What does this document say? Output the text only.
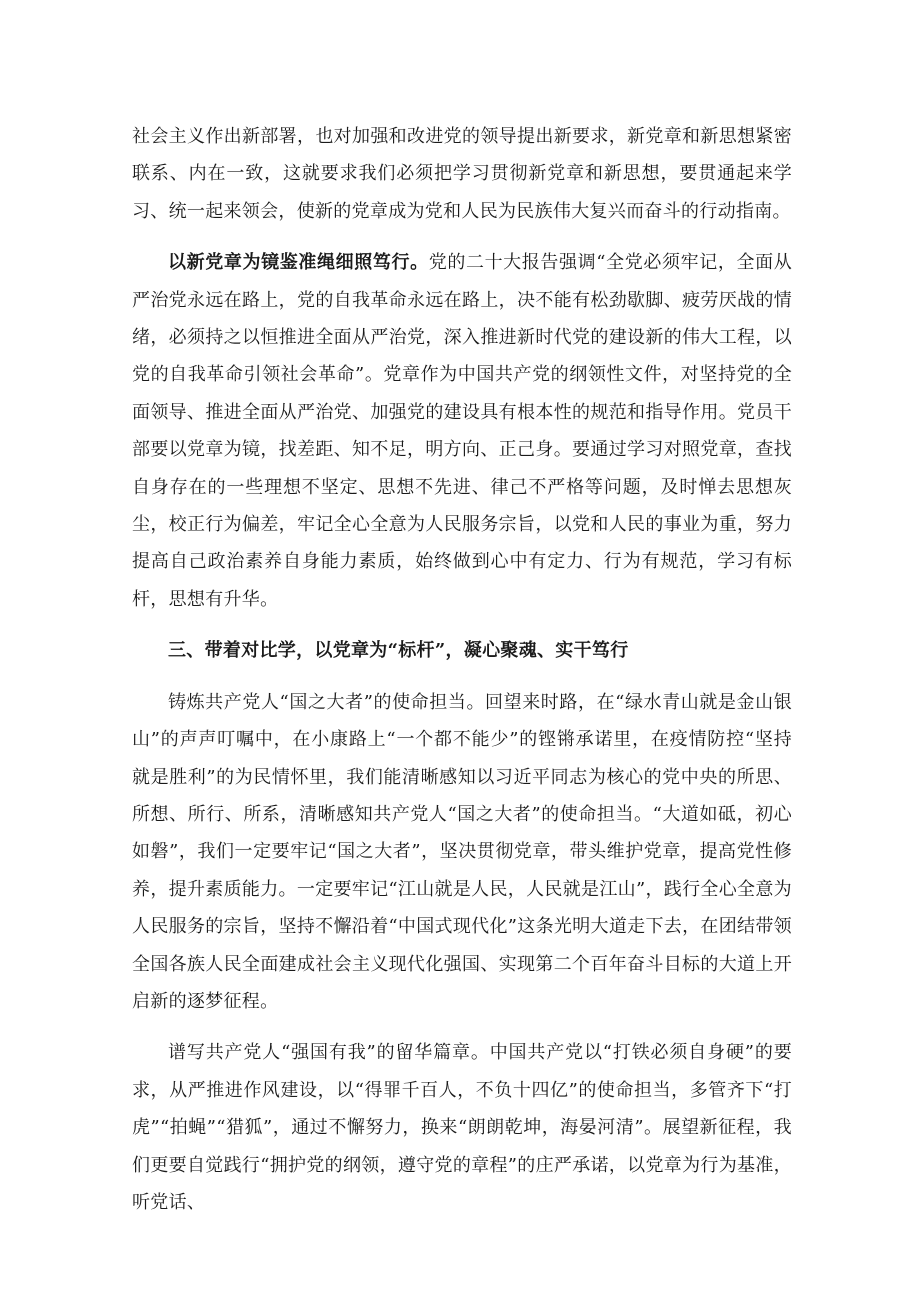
社会主义作出新部署，也对加强和改进党的领导提出新要求，新党章和新思想紧密联系、内在一致，这就要求我们必须把学习贯彻新党章和新思想，要贯通起来学习、统一起来领会，使新的党章成为党和人民为民族伟大复兴而奋斗的行动指南。

以新党章为镜鉴准绳细照笃行。党的二十大报告强调“全党必须牢记，全面从严治党永远在路上，党的自我革命永远在路上，决不能有松劲歇脚、疲劳厌战的情绪，必须持之以恒推进全面从严治党，深入推进新时代党的建设新的伟大工程，以党的自我革命引领社会革命”。党章作为中国共产党的纲领性文件，对坚持党的全面领导、推进全面从严治党、加强党的建设具有根本性的规范和指导作用。党员干部要以党章为镜，找差距、知不足，明方向、正己身。要通过学习对照党章，查找自身存在的一些理想不坚定、思想不先进、律己不严格等问题，及时惮去思想灰尘，校正行为偏差，牢记全心全意为人民服务宗旨，以党和人民的事业为重，努力提高自己政治素养自身能力素质，始终做到心中有定力、行为有规范，学习有标杆，思想有升华。

三、带着对比学，以党章为“标杆”，凝心聚魂、实干笃行

铸炼共产党人“国之大者”的使命担当。回望来时路，在“绿水青山就是金山银山”的声声叮嘱中，在小康路上“一个都不能少”的铿锵承诺里，在疫情防控“坚持就是胜利”的为民情怀里，我们能清晰感知以习近平同志为核心的党中央的所思、所想、所行、所系，清晰感知共产党人“国之大者”的使命担当。“大道如砥，初心如磐”，我们一定要牢记“国之大者”，坚决贯彻党章，带头维护党章，提高党性修养，提升素质能力。一定要牢记“江山就是人民，人民就是江山”，践行全心全意为人民服务的宗旨，坚持不懈沿着“中国式现代化”这条光明大道走下去，在团结带领全国各族人民全面建成社会主义现代化强国、实现第二个百年奋斗目标的大道上开启新的逐梦征程。

谱写共产党人“强国有我”的留华篇章。中国共产党以“打铁必须自身硬”的要求，从严推进作风建设，以“得罪千百人，不负十四亿”的使命担当，多管齐下“打虎”“拍蝇”“猎狐”，通过不懈努力，换来“朗朗乾坤，海晏河清”。展望新征程，我们更要自觉践行“拥护党的纲领，遵守党的章程”的庄严承诺，以党章为行为基准，听党话、
